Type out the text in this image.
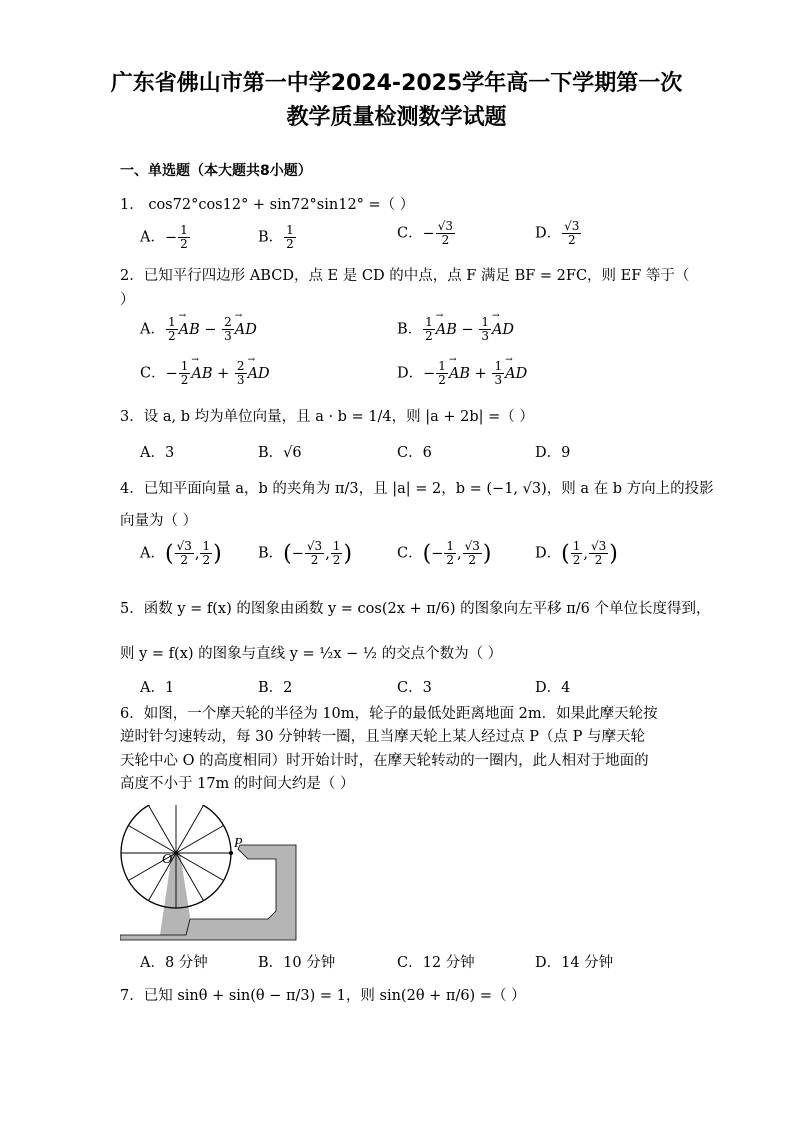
广东省佛山市第一中学2024-2025学年高一下学期第一次
教学质量检测数学试题
一、单选题（本大题共8小题）
1． cos72°cos12° + sin72°sin12° =（ ）
A．− $\frac{1}{2}$	B． $\frac{1}{2}$	C．− $\frac{√3}{2}$	D． $\frac{√3}{2}$
2．已知平行四边形 ABCD，点 E 是 CD 的中点，点 F 满足 BF = 2FC，则 EF 等于（
）
A． $\frac{1}{2}$ → AB − $\frac{2}{3}$ → AD	B． $\frac{1}{2}$ → AB − $\frac{1}{3}$ → AD
C．− $\frac{1}{2}$ → AB + $\frac{2}{3}$ → AD	D．− $\frac{1}{2}$ → AB + $\frac{1}{3}$ → AD
3．设 a, b 均为单位向量，且 a · b = 1/4，则 |a + 2b| =（ ）
A．3	B．√6	C．6	D．9
4．已知平面向量 a，b 的夹角为 π/3，且 |a| = 2，b = (−1, √3)，则 a 在 b 方向上的投影
向量为（ ）
A．( $\frac{√3}{2}$ , $\frac{1}{2}$ )	B．(− $\frac{√3}{2}$ , $\frac{1}{2}$ )	C．(− $\frac{1}{2}$ , $\frac{√3}{2}$ )	D．( $\frac{1}{2}$ , $\frac{√3}{2}$ )
5．函数 y = f(x) 的图象由函数 y = cos(2x + π/6) 的图象向左平移 π/6 个单位长度得到，
则 y = f(x) 的图象与直线 y = ½x − ½ 的交点个数为（ ）
A．1	B．2	C．3	D．4
6．如图，一个摩天轮的半径为 10m，轮子的最低处距离地面 2m．如果此摩天轮按
逆时针匀速转动，每 30 分钟转一圈，且当摩天轮上某人经过点 P（点 P 与摩天轮
天轮中心 O 的高度相同）时开始计时，在摩天轮转动的一圈内，此人相对于地面的
高度不小于 17m 的时间大约是（ ）
P
O
A．8 分钟	B．10 分钟	C．12 分钟	D．14 分钟
7．已知 sinθ + sin(θ − π/3) = 1，则 sin(2θ + π/6) =（ ）
